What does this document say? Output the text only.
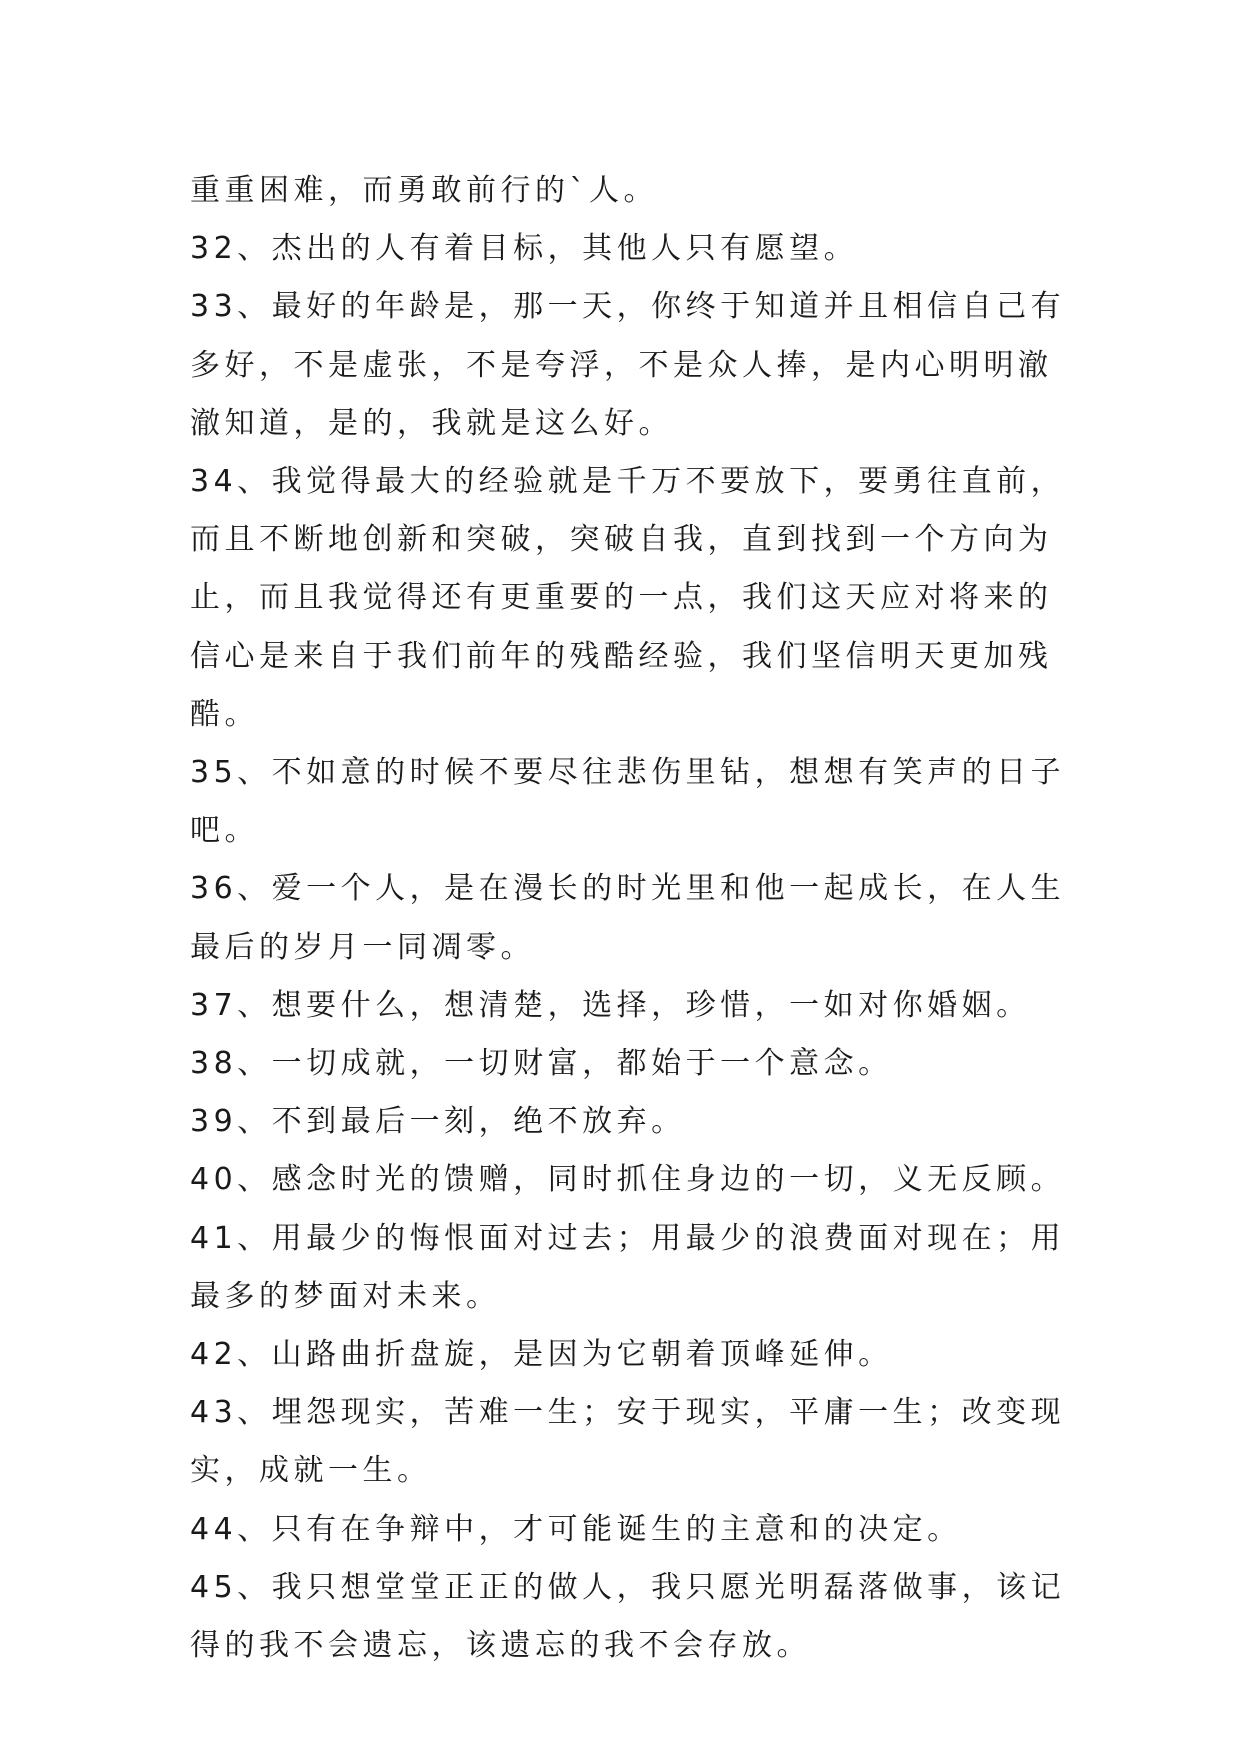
重重困难，而勇敢前行的`人。

32、杰出的人有着目标，其他人只有愿望。

33、最好的年龄是，那一天，你终于知道并且相信自己有多好，不是虚张，不是夸浮，不是众人捧，是内心明明澈澈知道，是的，我就是这么好。

34、我觉得最大的经验就是千万不要放下，要勇往直前，而且不断地创新和突破，突破自我，直到找到一个方向为止，而且我觉得还有更重要的一点，我们这天应对将来的信心是来自于我们前年的残酷经验，我们坚信明天更加残酷。

35、不如意的时候不要尽往悲伤里钻，想想有笑声的日子吧。

36、爱一个人，是在漫长的时光里和他一起成长，在人生最后的岁月一同凋零。

37、想要什么，想清楚，选择，珍惜，一如对你婚姻。

38、一切成就，一切财富，都始于一个意念。

39、不到最后一刻，绝不放弃。

40、感念时光的馈赠，同时抓住身边的一切，义无反顾。

41、用最少的悔恨面对过去；用最少的浪费面对现在；用最多的梦面对未来。

42、山路曲折盘旋，是因为它朝着顶峰延伸。

43、埋怨现实，苦难一生；安于现实，平庸一生；改变现实，成就一生。

44、只有在争辩中，才可能诞生的主意和的决定。

45、我只想堂堂正正的做人，我只愿光明磊落做事，该记得的我不会遗忘，该遗忘的我不会存放。
